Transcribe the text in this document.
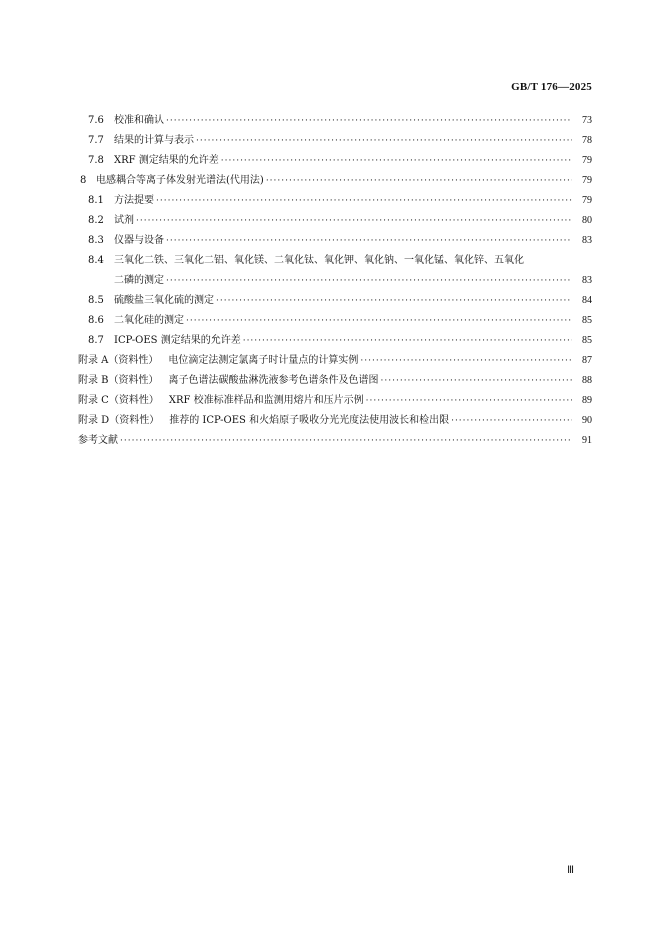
GB/T 176—2025
7.6	校准和确认 ·····	73
7.7	结果的计算与表示 ·····	78
7.8	XRF 测定结果的允许差 ·····	79
8 电感耦合等离子体发射光谱法(代用法) ·····	79
8.1	方法提要 ·····	79
8.2	试剂 ·····	80
8.3	仪器与设备 ·····	83
8.4	三氧化二铁、三氧化二铝、氧化镁、二氧化钛、氧化钾、氧化钠、一氧化锰、氧化锌、五氧化
二磷的测定 ·····	83
8.5	硫酸盐三氧化硫的测定 ·····	84
8.6	二氧化硅的测定 ·····	85
8.7	ICP-OES 测定结果的允许差 ·····	85
附录 A（资料性）	电位滴定法测定氯离子时计量点的计算实例 ·····	87
附录 B（资料性）	离子色谱法碳酸盐淋洗液参考色谱条件及色谱图 ·····	88
附录 C（资料性）	XRF 校准标准样品和监测用熔片和压片示例 ·····	89
附录 D（资料性）	推荐的 ICP-OES 和火焰原子吸收分光光度法使用波长和检出限 ·····	90
参考文献 ·····	91
Ⅲ
